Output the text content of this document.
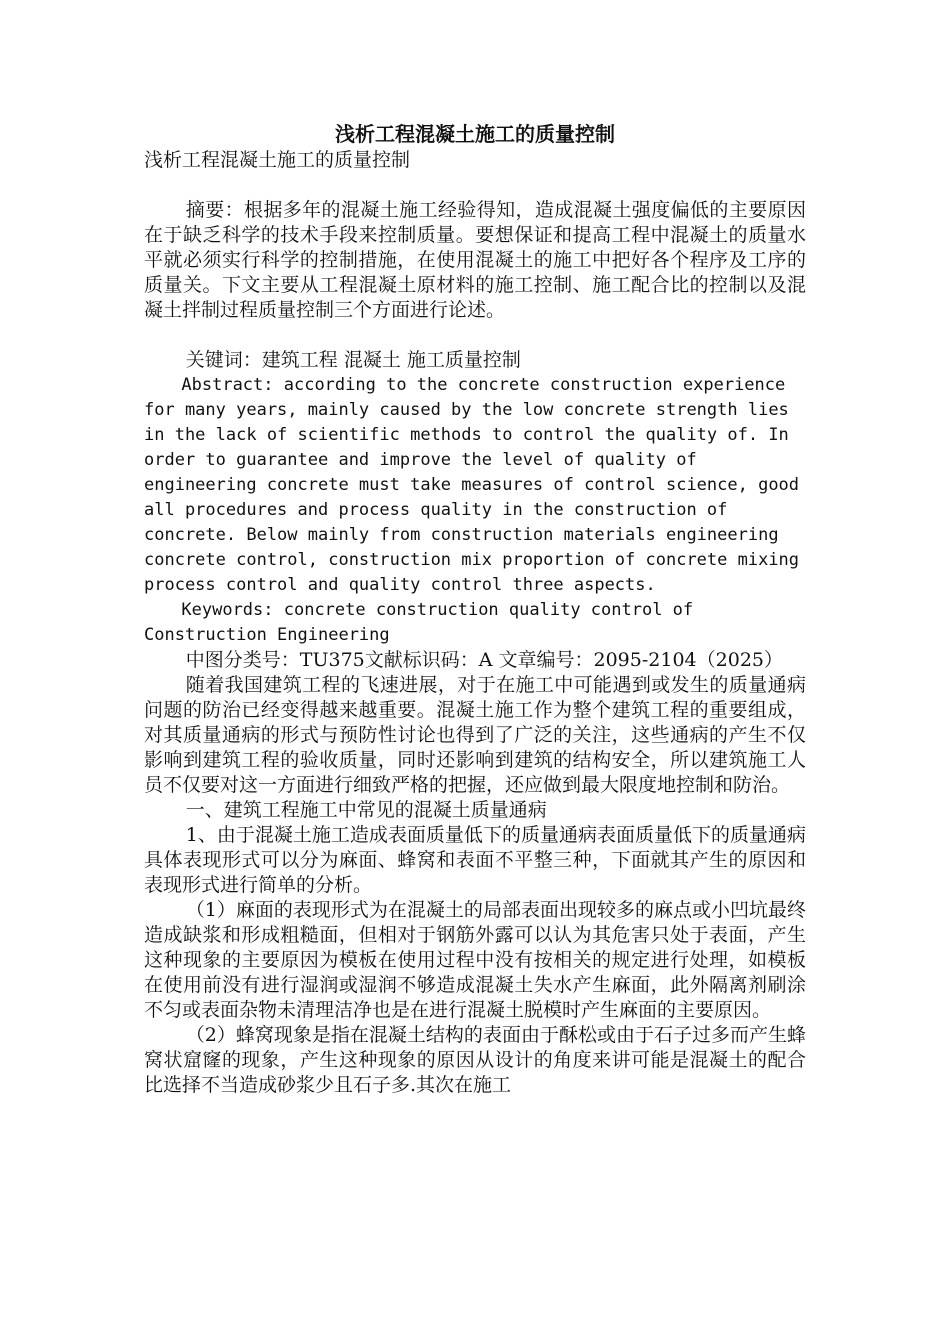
浅析工程混凝土施工的质量控制

浅析工程混凝土施工的质量控制

摘要：根据多年的混凝土施工经验得知，造成混凝土强度偏低的主要原因在于缺乏科学的技术手段来控制质量。要想保证和提高工程中混凝土的质量水平就必须实行科学的控制措施，在使用混凝土的施工中把好各个程序及工序的质量关。下文主要从工程混凝土原材料的施工控制、施工配合比的控制以及混凝土拌制过程质量控制三个方面进行论述。

关键词：建筑工程 混凝土 施工质量控制

Abstract: according to the concrete construction experience for many years, mainly caused by the low concrete strength lies in the lack of scientific methods to control the quality of. In order to guarantee and improve the level of quality of engineering concrete must take measures of control science, good all procedures and process quality in the construction of concrete. Below mainly from construction materials engineering concrete control, construction mix proportion of concrete mixing process control and quality control three aspects.

Keywords: concrete construction quality control of Construction Engineering

中图分类号：TU375文献标识码：A 文章编号：2095-2104（2025）

随着我国建筑工程的飞速进展，对于在施工中可能遇到或发生的质量通病问题的防治已经变得越来越重要。混凝土施工作为整个建筑工程的重要组成，对其质量通病的形式与预防性讨论也得到了广泛的关注，这些通病的产生不仅影响到建筑工程的验收质量，同时还影响到建筑的结构安全，所以建筑施工人员不仅要对这一方面进行细致严格的把握，还应做到最大限度地控制和防治。

一、建筑工程施工中常见的混凝土质量通病

1、由于混凝土施工造成表面质量低下的质量通病表面质量低下的质量通病具体表现形式可以分为麻面、蜂窝和表面不平整三种，下面就其产生的原因和表现形式进行简单的分析。

（1）麻面的表现形式为在混凝土的局部表面出现较多的麻点或小凹坑最终造成缺浆和形成粗糙面，但相对于钢筋外露可以认为其危害只处于表面，产生这种现象的主要原因为模板在使用过程中没有按相关的规定进行处理，如模板在使用前没有进行湿润或湿润不够造成混凝土失水产生麻面，此外隔离剂刷涂不匀或表面杂物未清理洁净也是在进行混凝土脱模时产生麻面的主要原因。

（2）蜂窝现象是指在混凝土结构的表面由于酥松或由于石子过多而产生蜂窝状窟窿的现象，产生这种现象的原因从设计的角度来讲可能是混凝土的配合比选择不当造成砂浆少且石子多.其次在施工
